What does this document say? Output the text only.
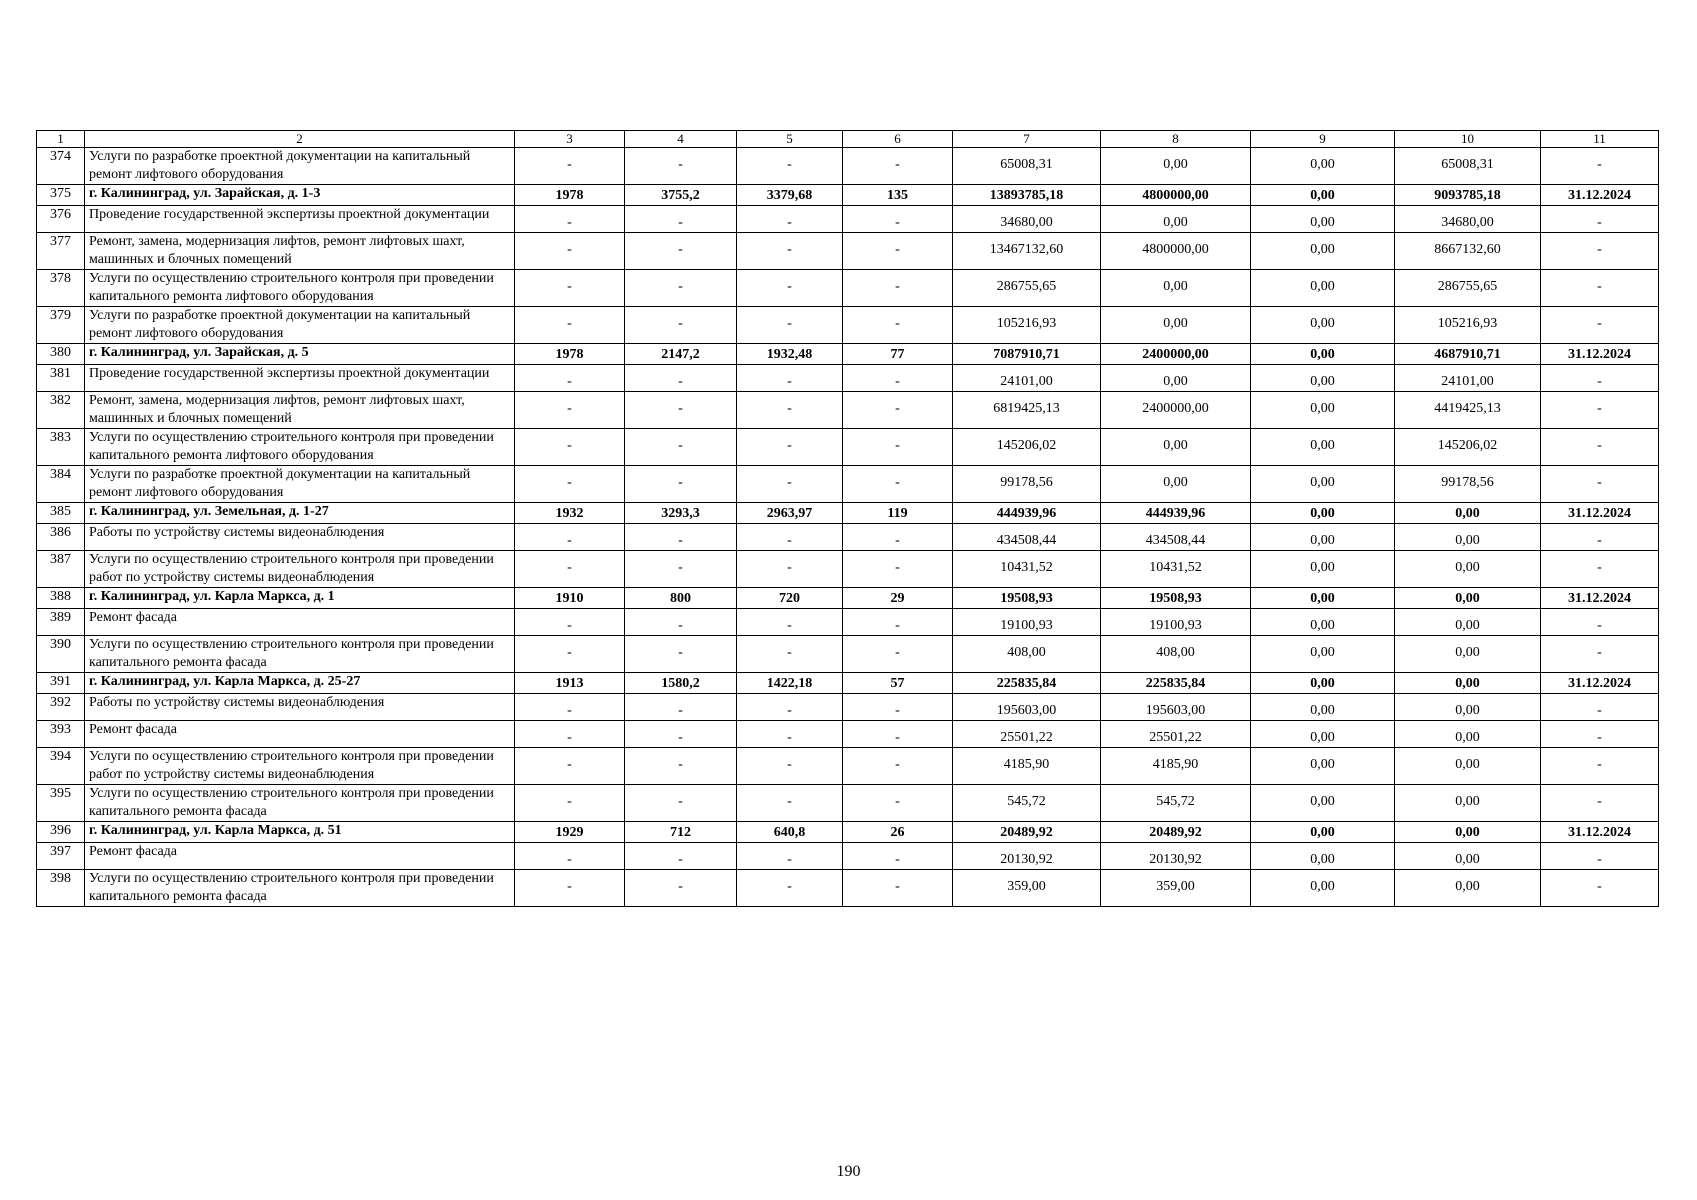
1	2	3	4	5	6	7	8	9	10	11
374	Услуги по разработке проектной документации на капитальный ремонт лифтового оборудования	-	-	-	-	65008,31	0,00	0,00	65008,31	-
375	г. Калининград, ул. Зарайская, д. 1-3	1978	3755,2	3379,68	135	13893785,18	4800000,00	0,00	9093785,18	31.12.2024
376	Проведение государственной экспертизы проектной документации	-	-	-	-	34680,00	0,00	0,00	34680,00	-
377	Ремонт, замена, модернизация лифтов, ремонт лифтовых шахт, машинных и блочных помещений	-	-	-	-	13467132,60	4800000,00	0,00	8667132,60	-
378	Услуги по осуществлению строительного контроля при проведении капитального ремонта лифтового оборудования	-	-	-	-	286755,65	0,00	0,00	286755,65	-
379	Услуги по разработке проектной документации на капитальный ремонт лифтового оборудования	-	-	-	-	105216,93	0,00	0,00	105216,93	-
380	г. Калининград, ул. Зарайская, д. 5	1978	2147,2	1932,48	77	7087910,71	2400000,00	0,00	4687910,71	31.12.2024
381	Проведение государственной экспертизы проектной документации	-	-	-	-	24101,00	0,00	0,00	24101,00	-
382	Ремонт, замена, модернизация лифтов, ремонт лифтовых шахт, машинных и блочных помещений	-	-	-	-	6819425,13	2400000,00	0,00	4419425,13	-
383	Услуги по осуществлению строительного контроля при проведении капитального ремонта лифтового оборудования	-	-	-	-	145206,02	0,00	0,00	145206,02	-
384	Услуги по разработке проектной документации на капитальный ремонт лифтового оборудования	-	-	-	-	99178,56	0,00	0,00	99178,56	-
385	г. Калининград, ул. Земельная, д. 1-27	1932	3293,3	2963,97	119	444939,96	444939,96	0,00	0,00	31.12.2024
386	Работы по устройству системы видеонаблюдения	-	-	-	-	434508,44	434508,44	0,00	0,00	-
387	Услуги по осуществлению строительного контроля при проведении работ по устройству системы видеонаблюдения	-	-	-	-	10431,52	10431,52	0,00	0,00	-
388	г. Калининград, ул. Карла Маркса, д. 1	1910	800	720	29	19508,93	19508,93	0,00	0,00	31.12.2024
389	Ремонт фасада	-	-	-	-	19100,93	19100,93	0,00	0,00	-
390	Услуги по осуществлению строительного контроля при проведении капитального ремонта фасада	-	-	-	-	408,00	408,00	0,00	0,00	-
391	г. Калининград, ул. Карла Маркса, д. 25-27	1913	1580,2	1422,18	57	225835,84	225835,84	0,00	0,00	31.12.2024
392	Работы по устройству системы видеонаблюдения	-	-	-	-	195603,00	195603,00	0,00	0,00	-
393	Ремонт фасада	-	-	-	-	25501,22	25501,22	0,00	0,00	-
394	Услуги по осуществлению строительного контроля при проведении работ по устройству системы видеонаблюдения	-	-	-	-	4185,90	4185,90	0,00	0,00	-
395	Услуги по осуществлению строительного контроля при проведении капитального ремонта фасада	-	-	-	-	545,72	545,72	0,00	0,00	-
396	г. Калининград, ул. Карла Маркса, д. 51	1929	712	640,8	26	20489,92	20489,92	0,00	0,00	31.12.2024
397	Ремонт фасада	-	-	-	-	20130,92	20130,92	0,00	0,00	-
398	Услуги по осуществлению строительного контроля при проведении капитального ремонта фасада	-	-	-	-	359,00	359,00	0,00	0,00	-
190
